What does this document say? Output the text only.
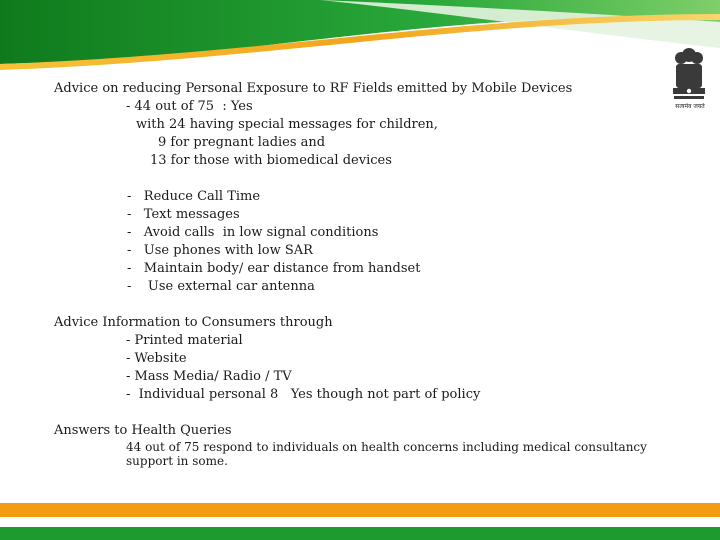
सत्यमेव जयते
Advice on reducing Personal Exposure to RF Fields emitted by Mobile Devices
- 44 out of 75  : Yes
with 24 having special messages for children,
9 for pregnant ladies and
13 for those with biomedical devices
-   Reduce Call Time
-   Text messages
-   Avoid calls  in low signal conditions
-   Use phones with low SAR
-   Maintain body/ ear distance from handset
-    Use external car antenna
Advice Information to Consumers through
- Printed material
- Website
- Mass Media/ Radio / TV
-  Individual personal 8   Yes though not part of policy
Answers to Health Queries
44 out of 75 respond to individuals on health concerns including medical consultancy
support in some.
